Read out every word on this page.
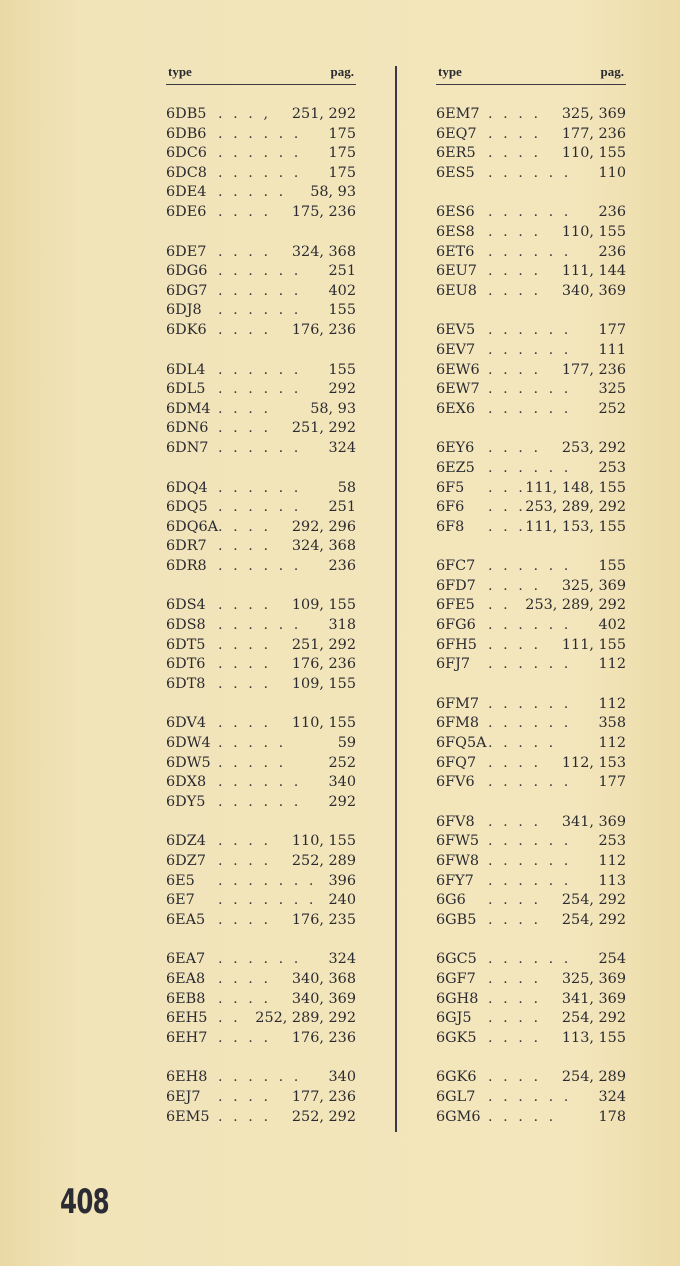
type	pag.
6DB5 . . . , 251, 292
6DB6 . . . . . . 175
6DC6 . . . . . . 175
6DC8 . . . . . . 175
6DE4 . . . . . 58, 93
6DE6 . . . . 175, 236
6DE7 . . . . 324, 368
6DG6 . . . . . . 251
6DG7 . . . . . . 402
6DJ8 . . . . . . 155
6DK6 . . . . 176, 236
6DL4 . . . . . . 155
6DL5 . . . . . . 292
6DM4 . . . .	58, 93
6DN6 . . . . 251, 292
6DN7 . . . . . . 324
6DQ4 . . . . . .	58
6DQ5 . . . . . . 251
6DQ6A . . . . 292, 296
6DR7 . . . . 324, 368
6DR8 . . . . . . 236
6DS4 . . . . 109, 155
6DS8 . . . . . . 318
6DT5 . . . . 251, 292
6DT6 . . . . 176, 236
6DT8 . . . . 109, 155
6DV4 . . . . 110, 155
6DW4 . . . . .	59
6DW5 . . . . .	252
6DX8 . . . . . . 340
6DY5 . . . . . . 292
6DZ4 . . . . 110, 155
6DZ7 . . . . 252, 289
6E5 . . . . . . . 396
6E7 . . . . . . . 240
6EA5 . . . . 176, 235
6EA7 . . . . . . 324
6EA8 . . . . 340, 368
6EB8 . . . . 340, 369
6EH5 . . 252, 289, 292
6EH7 . . . . 176, 236
6EH8 . . . . . . 340
6EJ7 . . . . 177, 236
6EM5 . . . . 252, 292
type	pag.
6EM7 . . . . 325, 369
6EQ7 . . . . 177, 236
6ER5 . . . . 110, 155
6ES5 . . . . . . 110
6ES6 . . . . . . 236
6ES8 . . . . 110, 155
6ET6 . . . . . . 236
6EU7 . . . . 111, 144
6EU8 . . . . 340, 369
6EV5 . . . . . . 177
6EV7 . . . . . . 111
6EW6 . . . . 177, 236
6EW7 . . . . . . 325
6EX6 . . . . . . 252
6EY6 . . . . 253, 292
6EZ5 . . . . . . 253
6F5 . . . 111, 148, 155
6F6 . . . 253, 289, 292
6F8 . . . 111, 153, 155
6FC7 . . . . . . 155
6FD7 . . . . 325, 369
6FE5 . . 253, 289, 292
6FG6 . . . . . . 402
6FH5 . . . . 111, 155
6FJ7 . . . . . . 112
6FM7 . . . . . . 112
6FM8 . . . . . . 358
6FQ5A . . . . .	112
6FQ7 . . . . 112, 153
6FV6 . . . . . . 177
6FV8 . . . . 341, 369
6FW5 . . . . . . 253
6FW8 . . . . . . 112
6FY7 . . . . . . 113
6G6 . . . . 254, 292
6GB5 . . . . 254, 292
6GC5 . . . . . . 254
6GF7 . . . . 325, 369
6GH8 . . . . 341, 369
6GJ5 . . . . 254, 292
6GK5 . . . . 113, 155
6GK6 . . . . 254, 289
6GL7 . . . . . . 324
6GM6 . . . . .	178
408
